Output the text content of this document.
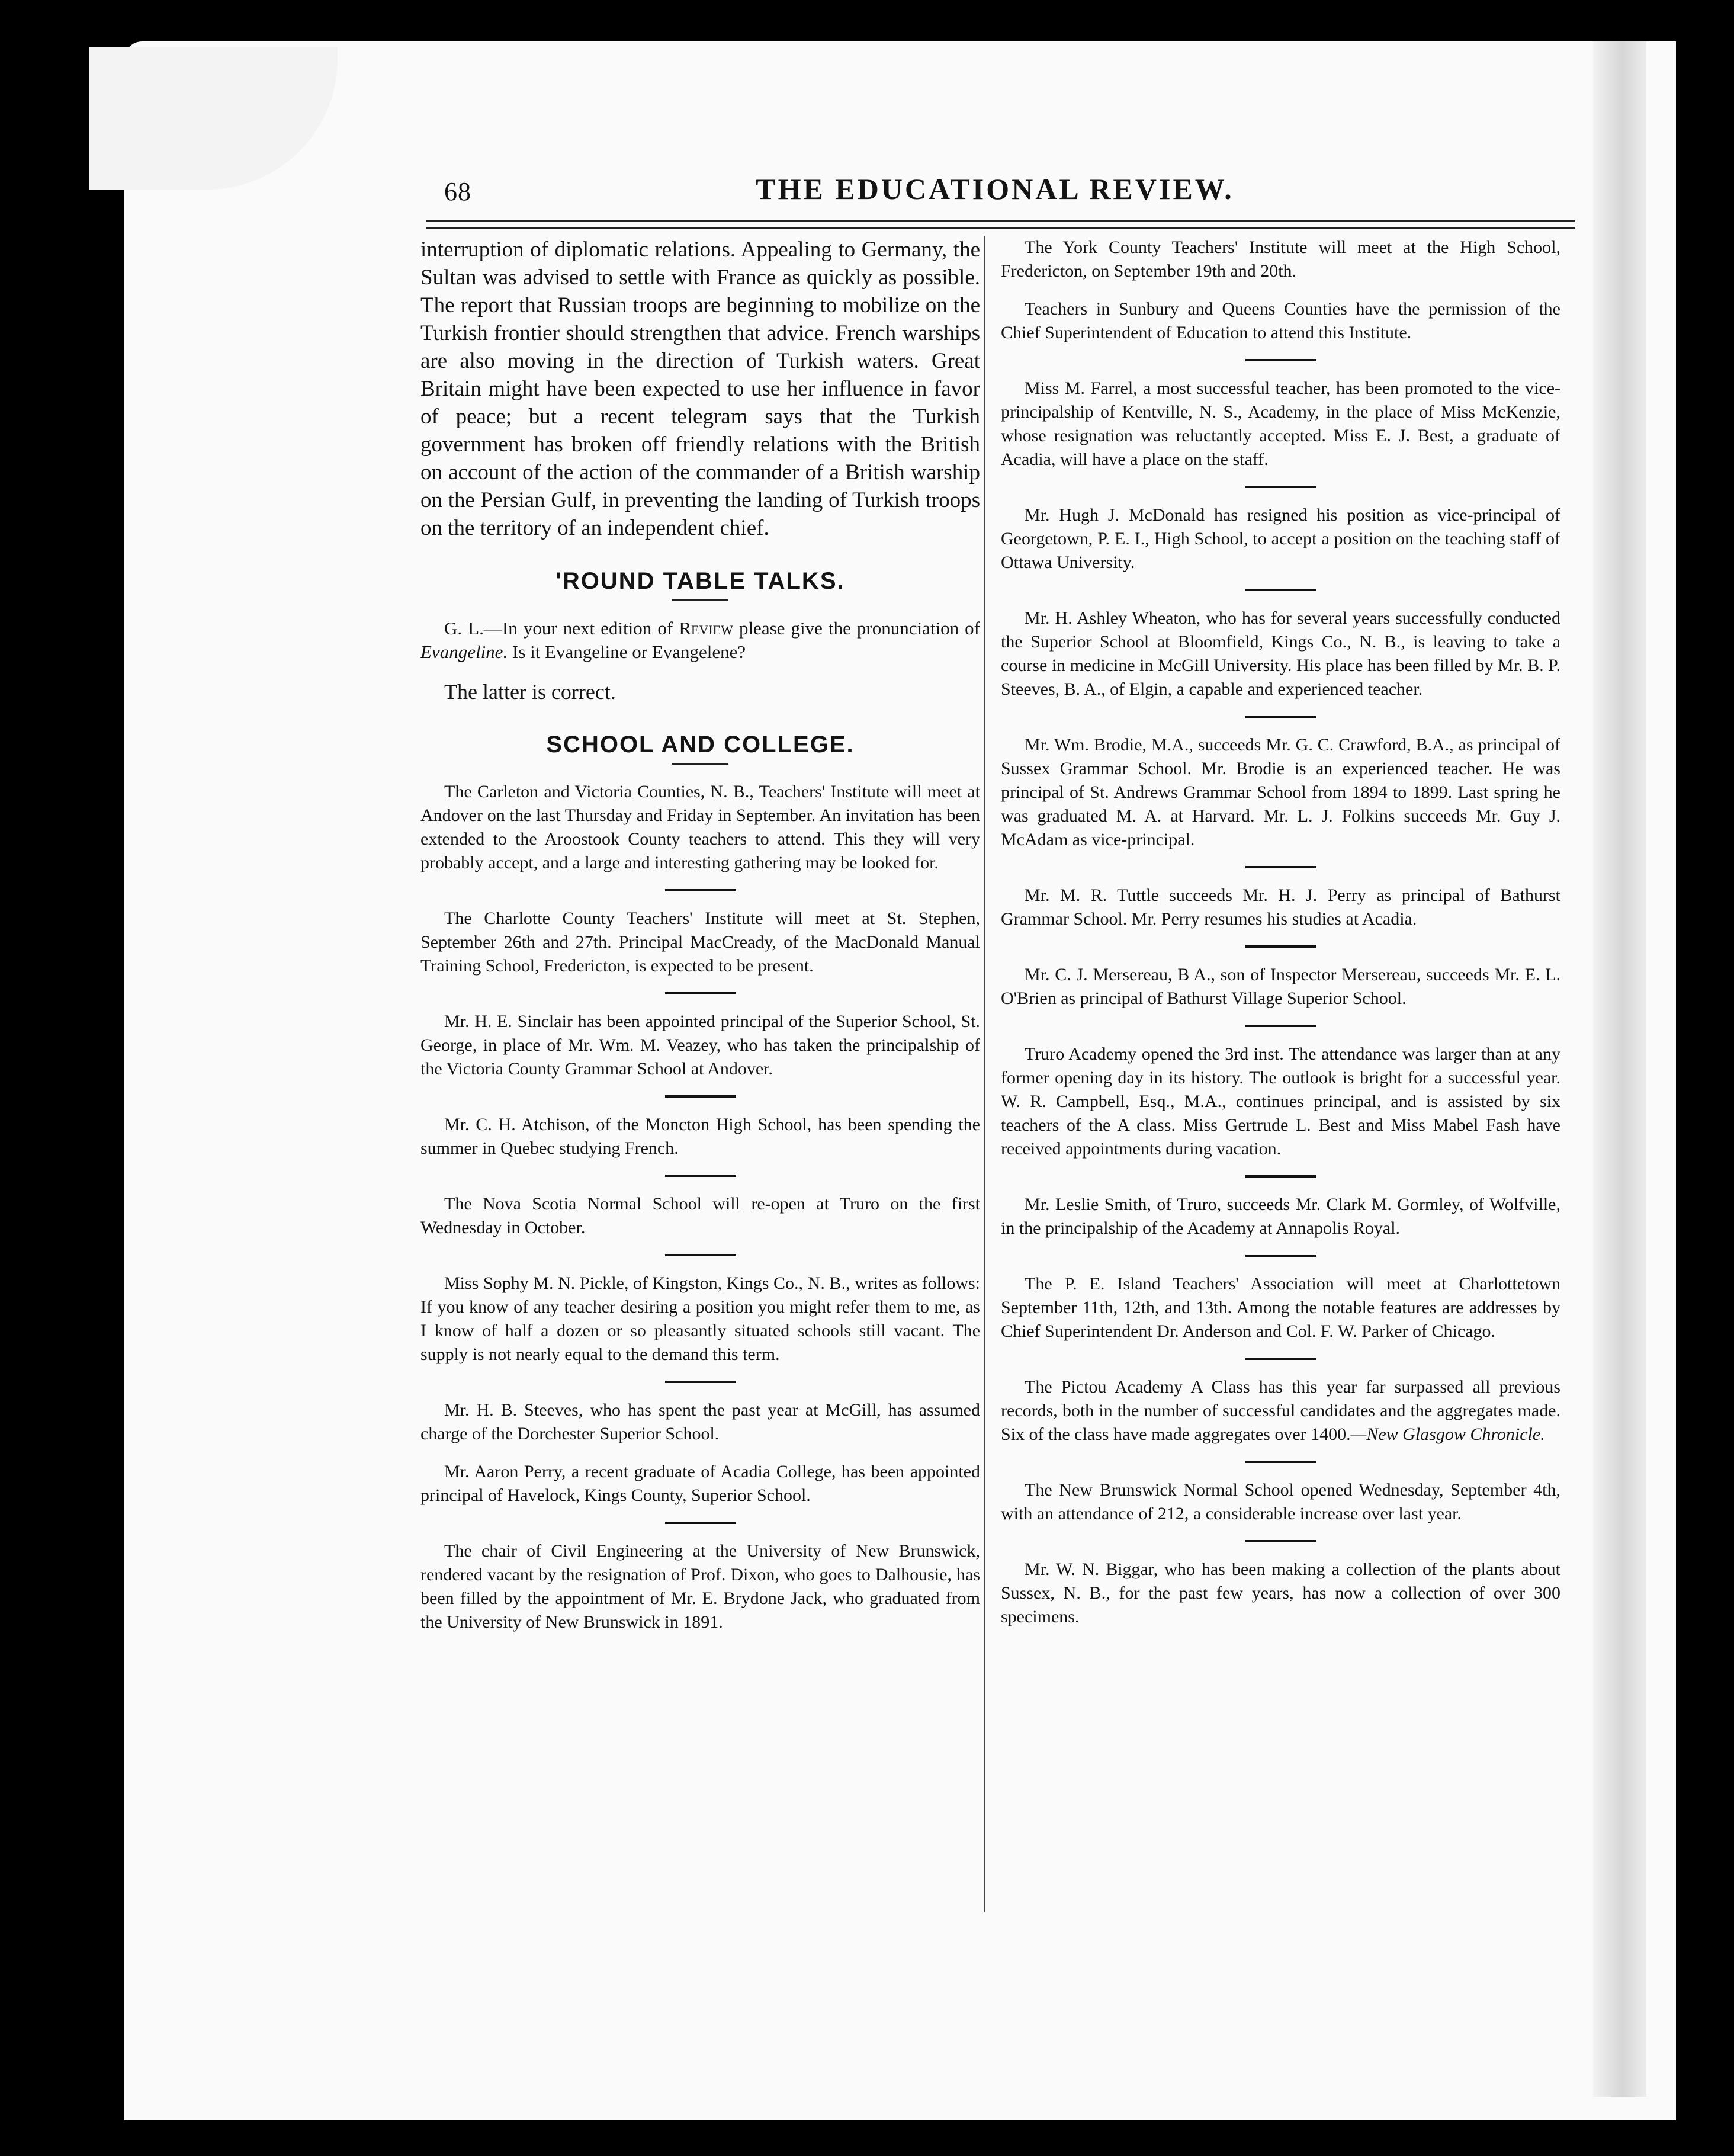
68	THE EDUCATIONAL REVIEW.

interruption of diplomatic relations. Appealing to Germany, the Sultan was advised to settle with France as quickly as possible. The report that Russian troops are beginning to mobilize on the Turkish frontier should strengthen that advice. French warships are also moving in the direction of Turkish waters. Great Britain might have been expected to use her influence in favor of peace; but a recent telegram says that the Turkish government has broken off friendly relations with the British on account of the action of the commander of a British warship on the Persian Gulf, in preventing the landing of Turkish troops on the territory of an independent chief.

'ROUND TABLE TALKS.

G. L.—In your next edition of Review please give the pronunciation of Evangeline. Is it Evangeline or Evangelene?

The latter is correct.

SCHOOL AND COLLEGE.

The Carleton and Victoria Counties, N. B., Teachers' Institute will meet at Andover on the last Thursday and Friday in September. An invitation has been extended to the Aroostook County teachers to attend. This they will very probably accept, and a large and interesting gathering may be looked for.

The Charlotte County Teachers' Institute will meet at St. Stephen, September 26th and 27th. Principal MacCready, of the MacDonald Manual Training School, Fredericton, is expected to be present.

Mr. H. E. Sinclair has been appointed principal of the Superior School, St. George, in place of Mr. Wm. M. Veazey, who has taken the principalship of the Victoria County Grammar School at Andover.

Mr. C. H. Atchison, of the Moncton High School, has been spending the summer in Quebec studying French.

The Nova Scotia Normal School will re-open at Truro on the first Wednesday in October.

Miss Sophy M. N. Pickle, of Kingston, Kings Co., N. B., writes as follows: If you know of any teacher desiring a position you might refer them to me, as I know of half a dozen or so pleasantly situated schools still vacant. The supply is not nearly equal to the demand this term.

Mr. H. B. Steeves, who has spent the past year at McGill, has assumed charge of the Dorchester Superior School.

Mr. Aaron Perry, a recent graduate of Acadia College, has been appointed principal of Havelock, Kings County, Superior School.

The chair of Civil Engineering at the University of New Brunswick, rendered vacant by the resignation of Prof. Dixon, who goes to Dalhousie, has been filled by the appointment of Mr. E. Brydone Jack, who graduated from the University of New Brunswick in 1891.

The York County Teachers' Institute will meet at the High School, Fredericton, on September 19th and 20th.

Teachers in Sunbury and Queens Counties have the permission of the Chief Superintendent of Education to attend this Institute.

Miss M. Farrel, a most successful teacher, has been promoted to the vice-principalship of Kentville, N. S., Academy, in the place of Miss McKenzie, whose resignation was reluctantly accepted. Miss E. J. Best, a graduate of Acadia, will have a place on the staff.

Mr. Hugh J. McDonald has resigned his position as vice-principal of Georgetown, P. E. I., High School, to accept a position on the teaching staff of Ottawa University.

Mr. H. Ashley Wheaton, who has for several years successfully conducted the Superior School at Bloomfield, Kings Co., N. B., is leaving to take a course in medicine in McGill University. His place has been filled by Mr. B. P. Steeves, B. A., of Elgin, a capable and experienced teacher.

Mr. Wm. Brodie, M.A., succeeds Mr. G. C. Crawford, B.A., as principal of Sussex Grammar School. Mr. Brodie is an experienced teacher. He was principal of St. Andrews Grammar School from 1894 to 1899. Last spring he was graduated M. A. at Harvard. Mr. L. J. Folkins succeeds Mr. Guy J. McAdam as vice-principal.

Mr. M. R. Tuttle succeeds Mr. H. J. Perry as principal of Bathurst Grammar School. Mr. Perry resumes his studies at Acadia.

Mr. C. J. Mersereau, B A., son of Inspector Mersereau, succeeds Mr. E. L. O'Brien as principal of Bathurst Village Superior School.

Truro Academy opened the 3rd inst. The attendance was larger than at any former opening day in its history. The outlook is bright for a successful year. W. R. Campbell, Esq., M.A., continues principal, and is assisted by six teachers of the A class. Miss Gertrude L. Best and Miss Mabel Fash have received appointments during vacation.

Mr. Leslie Smith, of Truro, succeeds Mr. Clark M. Gormley, of Wolfville, in the principalship of the Academy at Annapolis Royal.

The P. E. Island Teachers' Association will meet at Charlottetown September 11th, 12th, and 13th. Among the notable features are addresses by Chief Superintendent Dr. Anderson and Col. F. W. Parker of Chicago.

The Pictou Academy A Class has this year far surpassed all previous records, both in the number of successful candidates and the aggregates made. Six of the class have made aggregates over 1400.—New Glasgow Chronicle.

The New Brunswick Normal School opened Wednesday, September 4th, with an attendance of 212, a considerable increase over last year.

Mr. W. N. Biggar, who has been making a collection of the plants about Sussex, N. B., for the past few years, has now a collection of over 300 specimens.
